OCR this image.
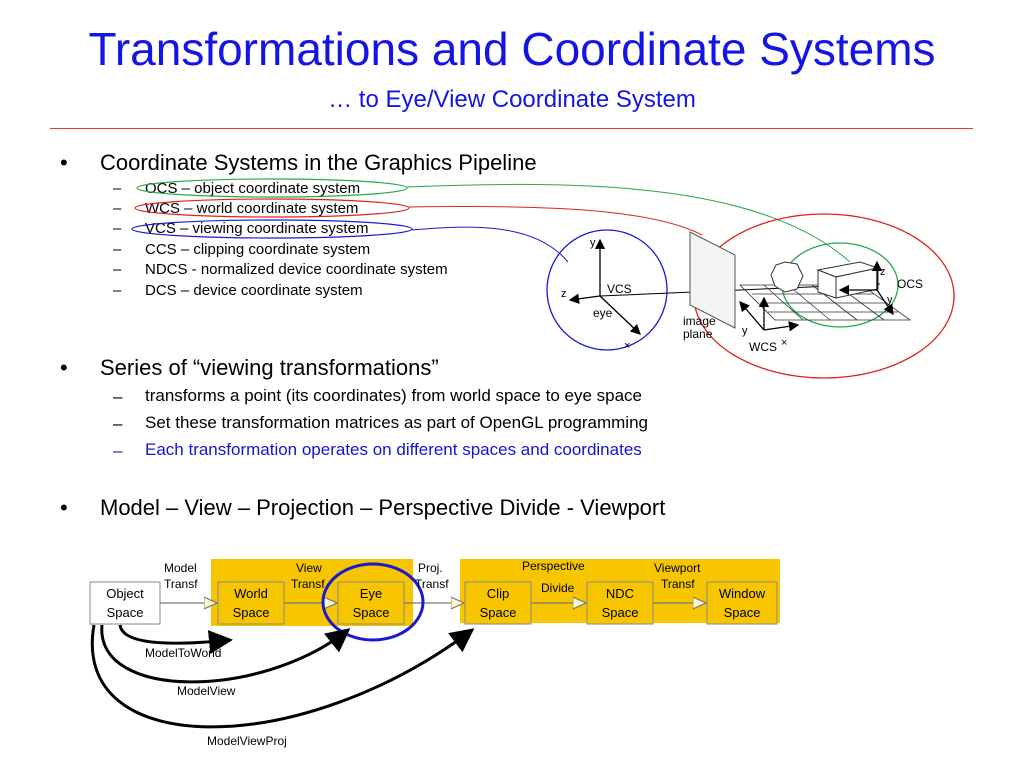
Transformations and Coordinate Systems
… to Eye/View Coordinate System
• Coordinate Systems in the Graphics Pipeline
– OCS – object coordinate system
– WCS – world coordinate system
– VCS – viewing coordinate system
– CCS – clipping coordinate system
– NDCS - normalized device coordinate system
– DCS – device coordinate system
• Series of “viewing transformations”
– transforms a point (its coordinates) from world space to eye space
– Set these transformation matrices as part of OpenGL programming
– Each transformation operates on different spaces and coordinates
• Model – View – Projection – Perspective Divide - Viewport
y
z	VCS
eye
×
image
plane	y
WCS ×
z
y
OCS
Model
Transf
View
Transf
Proj.
Transf
Perspective
Divide
Viewport
Transf
Object
Space
World
Space
Eye
Space
Clip
Space
NDC
Space
Window
Space
ModelToWorld
ModelView
ModelViewProj
